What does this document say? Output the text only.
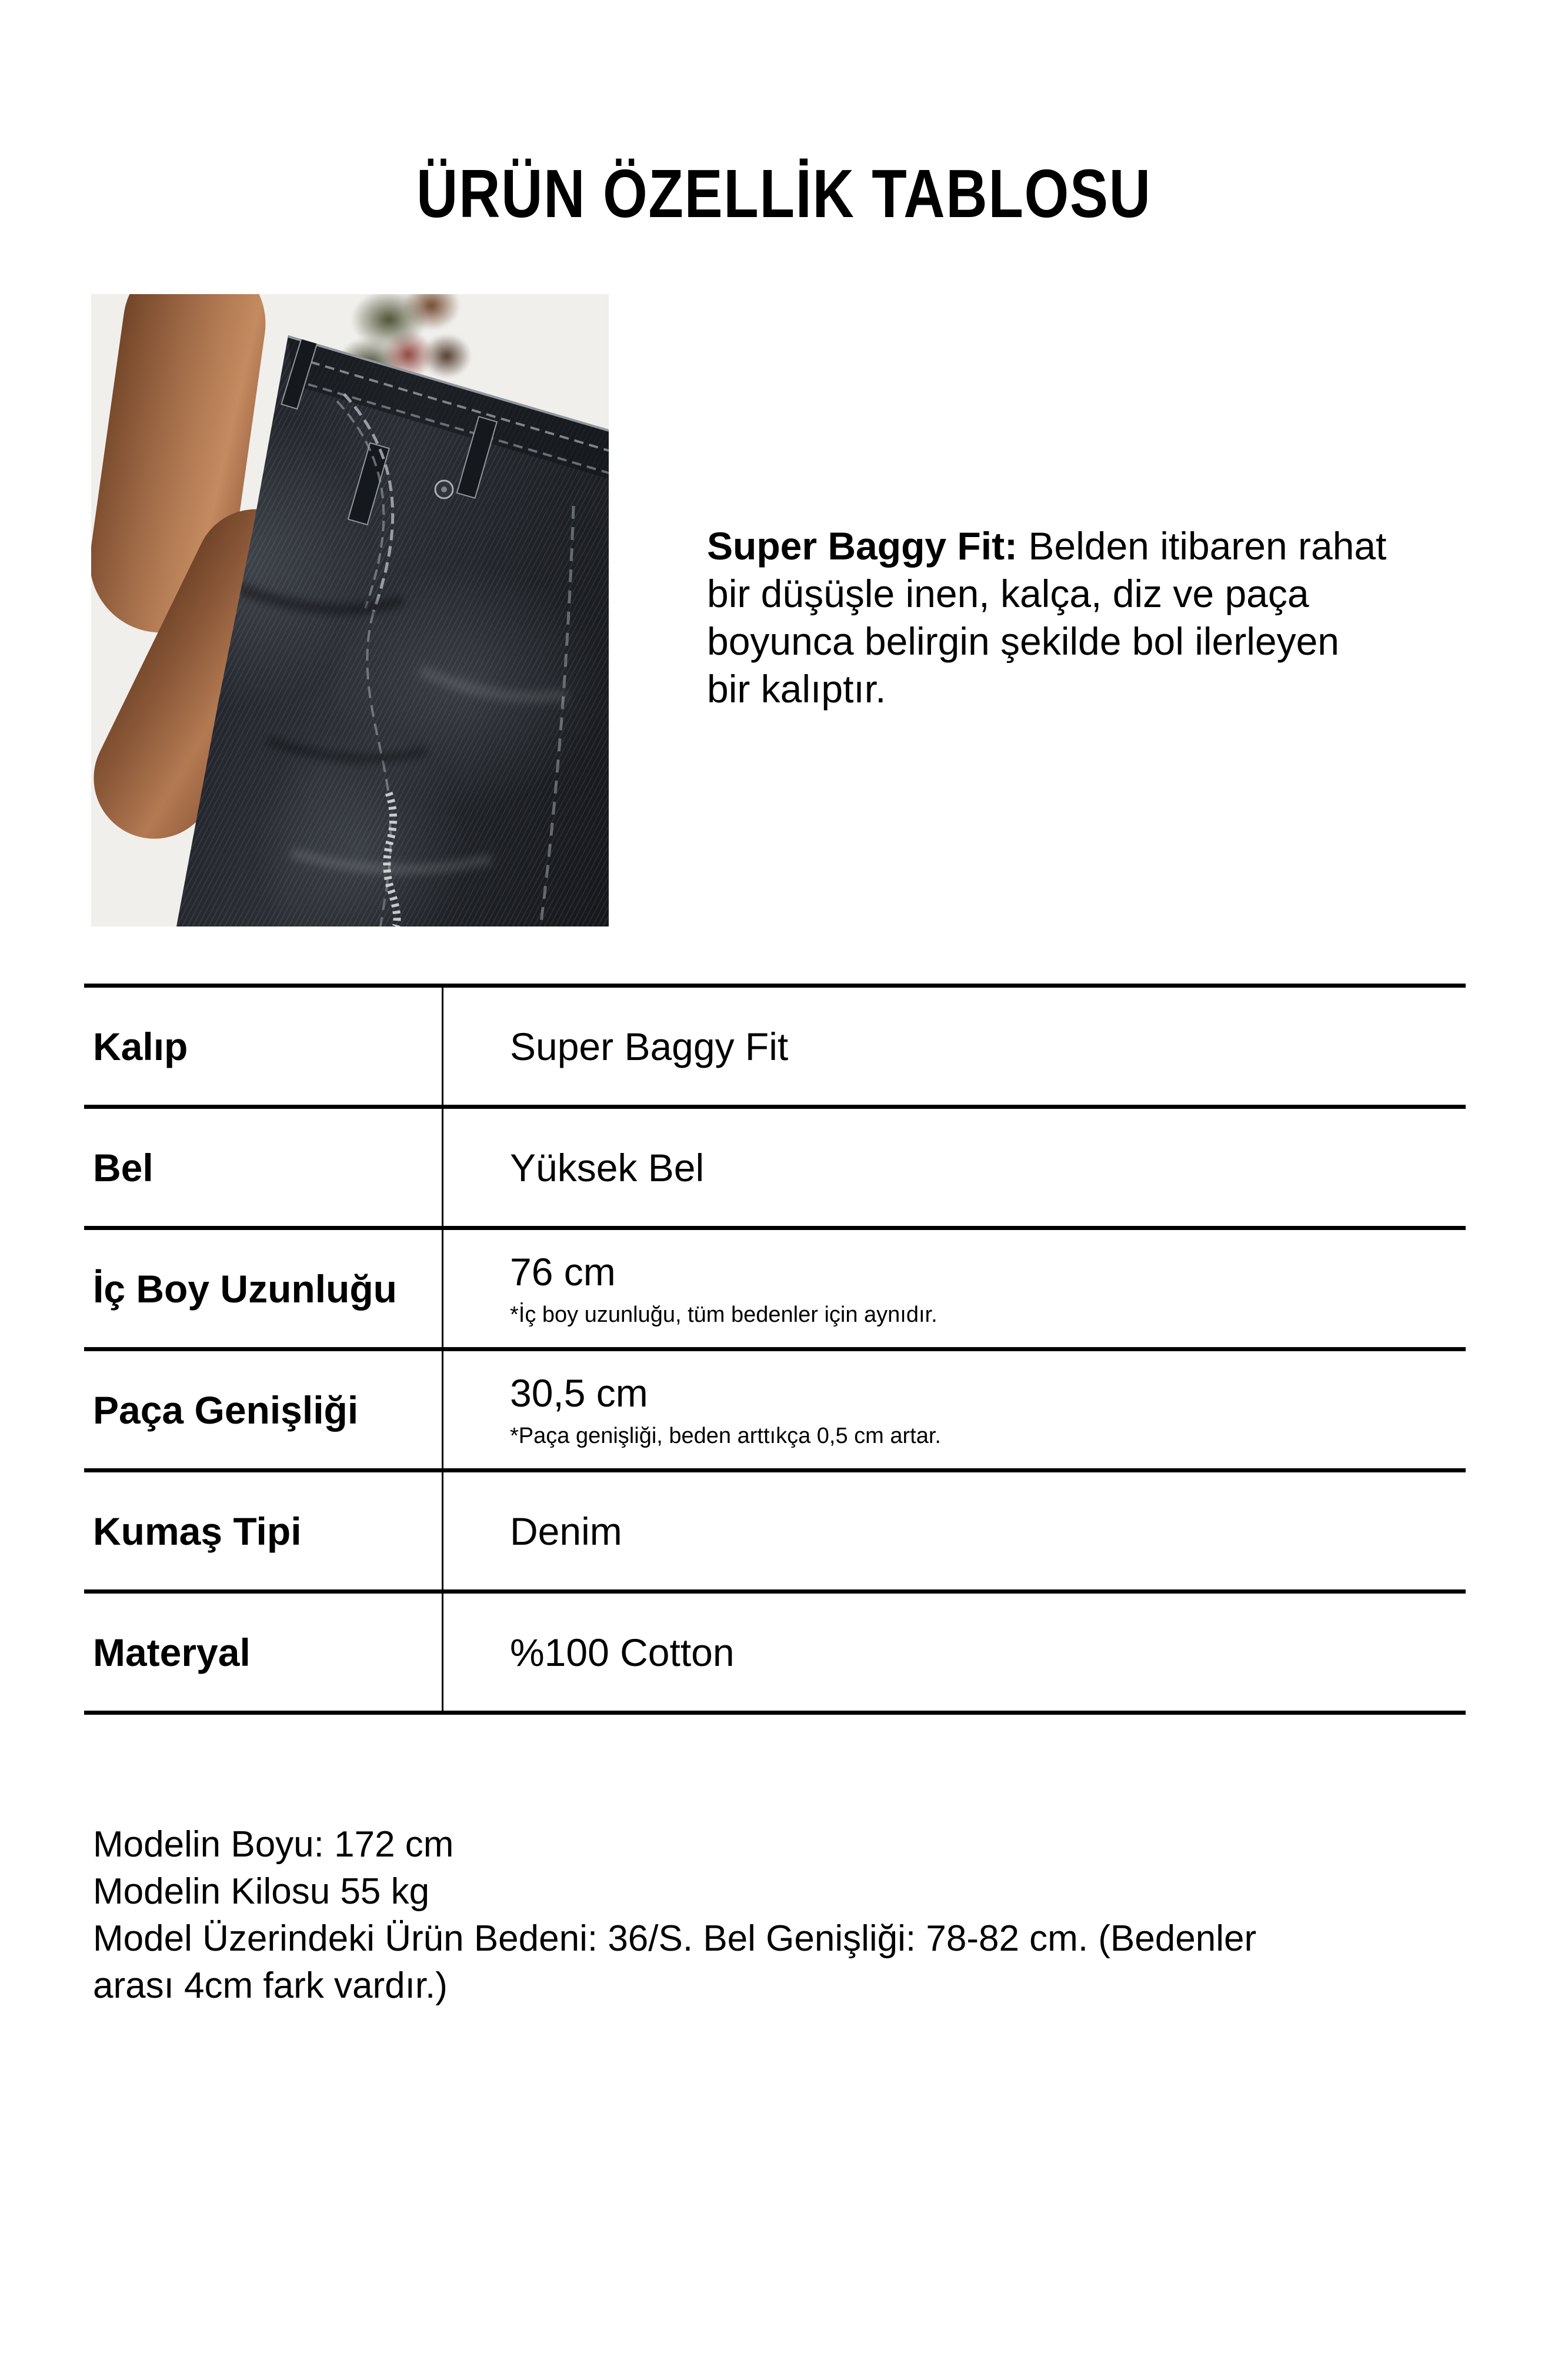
ÜRÜN ÖZELLİK TABLOSU
Super Baggy Fit: Belden itibaren rahat
bir düşüşle inen, kalça, diz ve paça
boyunca belirgin şekilde bol ilerleyen
bir kalıptır.
Kalıp	Super Baggy Fit
Bel	Yüksek Bel
İç Boy Uzunluğu	76 cm
*İç boy uzunluğu, tüm bedenler için aynıdır.
Paça Genişliği	30,5 cm
*Paça genişliği, beden arttıkça 0,5 cm artar.
Kumaş Tipi	Denim
Materyal	%100 Cotton
Modelin Boyu: 172 cm
Modelin Kilosu 55 kg
Model Üzerindeki Ürün Bedeni: 36/S. Bel Genişliği: 78-82 cm. (Bedenler
arası 4cm fark vardır.)
